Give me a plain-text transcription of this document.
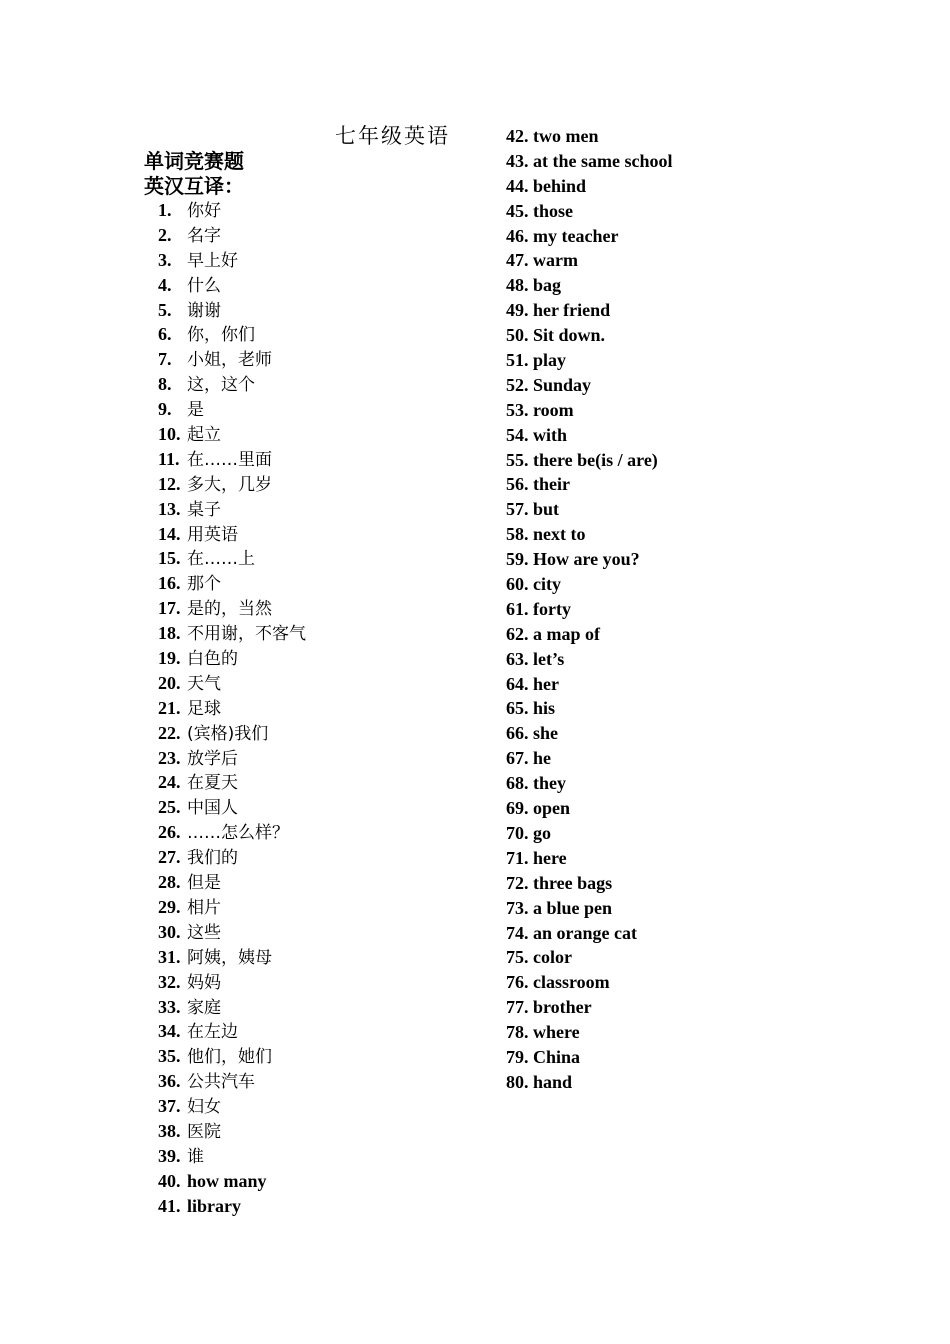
七年级英语
单词竞赛题
英汉互译：
1. 你好
2. 名字
3. 早上好
4. 什么
5. 谢谢
6. 你，你们
7. 小姐，老师
8. 这，这个
9. 是
10. 起立
11. 在……里面
12. 多大，几岁
13. 桌子
14. 用英语
15. 在……上
16. 那个
17. 是的，当然
18. 不用谢，不客气
19. 白色的
20. 天气
21. 足球
22. (宾格)我们
23. 放学后
24. 在夏天
25. 中国人
26. ……怎么样？
27. 我们的
28. 但是
29. 相片
30. 这些
31. 阿姨，姨母
32. 妈妈
33. 家庭
34. 在左边
35. 他们，她们
36. 公共汽车
37. 妇女
38. 医院
39. 谁
40. how many
41. library
42. two men
43. at the same school
44. behind
45. those
46. my teacher
47. warm
48. bag
49. her friend
50. Sit down.
51. play
52. Sunday
53. room
54. with
55. there be(is / are)
56. their
57. but
58. next to
59. How are you?
60. city
61. forty
62. a map of
63. let’s
64. her
65. his
66. she
67. he
68. they
69. open
70. go
71. here
72. three bags
73. a blue pen
74. an orange cat
75. color
76. classroom
77. brother
78. where
79. China
80. hand
